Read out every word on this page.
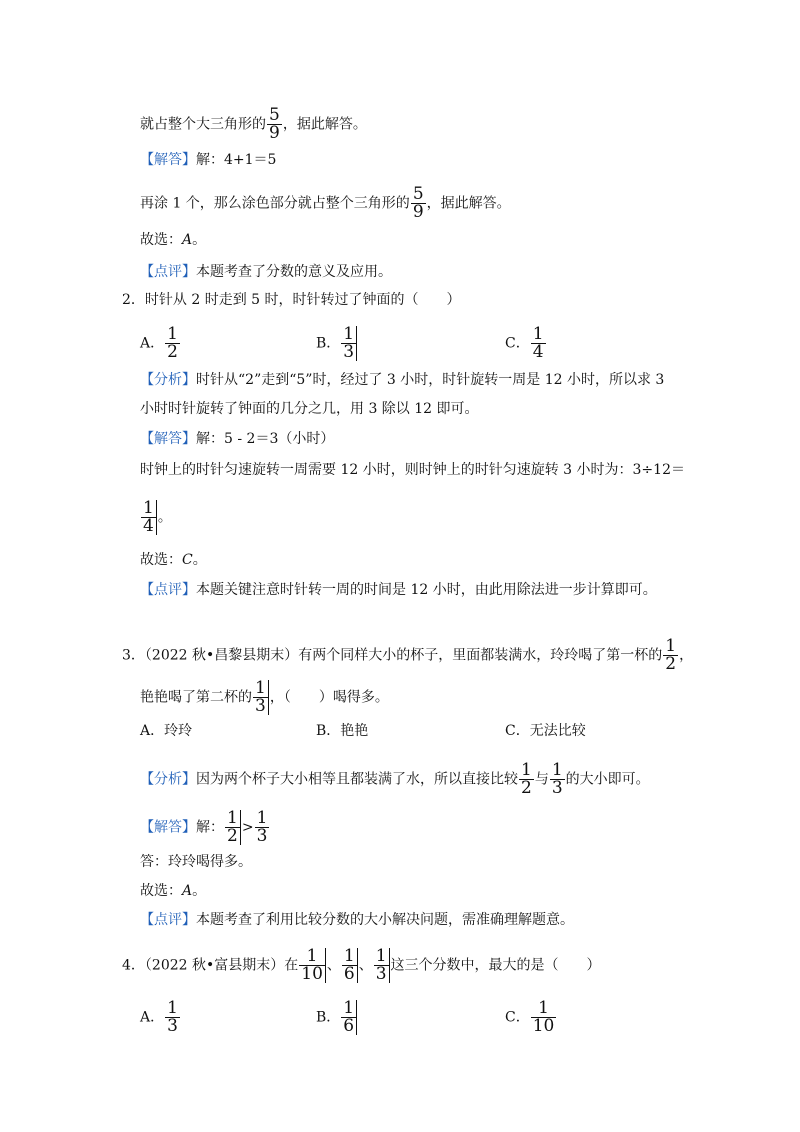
就占整个大三角形的 $\frac{5}{9}$ ，据此解答。
【解答】解：4+1＝5
再涂 1 个，那么涂色部分就占整个三角形的 $\frac{5}{9}$ ，据此解答。
故选：A。
【点评】本题考查了分数的意义及应用。
2．时针从 2 时走到 5 时，时针转过了钟面的（　　）
A． $\frac{1}{2}$	B． $\frac{1}{3}$	C． $\frac{1}{4}$
【分析】时针从“2”走到“5”时，经过了 3 小时，时针旋转一周是 12 小时，所以求 3
小时时针旋转了钟面的几分之几，用 3 除以 12 即可。
【解答】解：5 - 2＝3（小时）
时钟上的时针匀速旋转一周需要 12 小时，则时钟上的时针匀速旋转 3 小时为：3÷12＝
$\frac{1}{4}$ 。
故选：C。
【点评】本题关键注意时针转一周的时间是 12 小时，由此用除法进一步计算即可。
3．（2022 秋•昌黎县期末）有两个同样大小的杯子，里面都装满水，玲玲喝了第一杯的 $\frac{1}{2}$ ，
艳艳喝了第二杯的 $\frac{1}{3}$ ，（　　）喝得多。
A．玲玲	B．艳艳	C．无法比较
【分析】因为两个杯子大小相等且都装满了水，所以直接比较 $\frac{1}{2}$ 与 $\frac{1}{3}$ 的大小即可。
【解答】解： $\frac{1}{2} > \frac{1}{3}$
答：玲玲喝得多。
故选：A。
【点评】本题考查了利用比较分数的大小解决问题，需准确理解题意。
4．（2022 秋•富县期末）在 $\frac{1}{10}$ 、 $\frac{1}{6}$ 、 $\frac{1}{3}$ 这三个分数中，最大的是（　　）
A． $\frac{1}{3}$	B． $\frac{1}{6}$	C． $\frac{1}{10}$
